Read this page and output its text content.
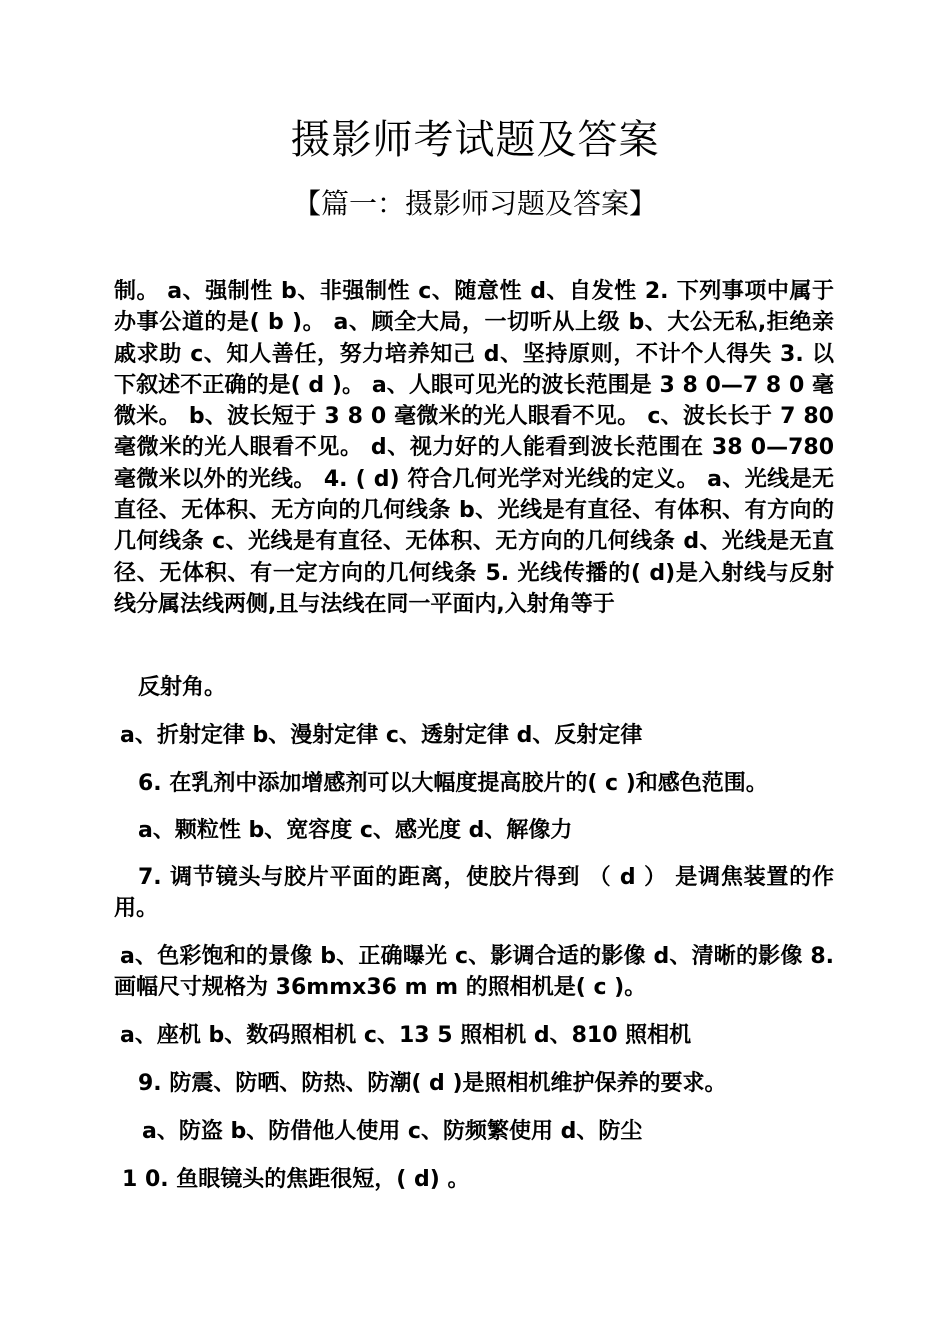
摄影师考试题及答案
【篇一：摄影师习题及答案】

制。 a、强制性 b、非强制性 c、随意性 d、自发性 2. 下列事项中属于办事公道的是( b )。 a、顾全大局，一切听从上级 b、大公无私,拒绝亲戚求助 c、知人善任，努力培养知己 d、坚持原则，不计个人得失 3. 以下叙述不正确的是( d )。 a、人眼可见光的波长范围是 3 8 0—7 8 0 毫微米。 b、波长短于 3 8 0 毫微米的光人眼看不见。 c、波长长于 7 80 毫微米的光人眼看不见。 d、视力好的人能看到波长范围在 38 0—780 毫微米以外的光线。 4. ( d) 符合几何光学对光线的定义。 a、光线是无直径、无体积、无方向的几何线条 b、光线是有直径、有体积、有方向的几何线条 c、光线是有直径、无体积、无方向的几何线条 d、光线是无直径、无体积、有一定方向的几何线条 5. 光线传播的( d)是入射线与反射线分属法线两侧,且与法线在同一平面内,入射角等于

反射角。

a、折射定律 b、漫射定律 c、透射定律 d、反射定律

6. 在乳剂中添加增感剂可以大幅度提高胶片的( c )和感色范围。

a、颗粒性 b、宽容度 c、感光度 d、解像力

7. 调节镜头与胶片平面的距离，使胶片得到 （ d ） 是调焦装置的作用。

a、色彩饱和的景像 b、正确曝光 c、影调合适的影像 d、清晰的影像 8. 画幅尺寸规格为 36mmx36 m m 的照相机是( c )。

a、座机 b、数码照相机 c、13 5 照相机 d、810 照相机

9. 防震、防晒、防热、防潮( d )是照相机维护保养的要求。

a、防盗 b、防借他人使用 c、防频繁使用 d、防尘

1 0. 鱼眼镜头的焦距很短，( d) 。
